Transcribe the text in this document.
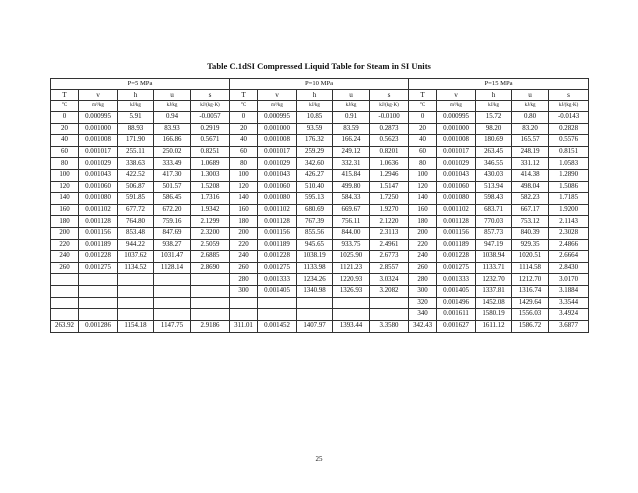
Table C.1dSI Compressed Liquid Table for Steam in SI Units
P=5 MPa					P=10 MPa					P=15 MPa				
T	v	h	u	s	T	v	h	u	s	T	v	h	u	s
°C	m³/kg	kJ/kg	kJ/kg	kJ/(kg·K)	°C	m³/kg	kJ/kg	kJ/kg	kJ/(kg·K)	°C	m³/kg	kJ/kg	kJ/kg	kJ/(kg·K)
0	0.000995	5.91	0.94	-0.0057	0	0.000995	10.85	0.91	-0.0100	0	0.000995	15.72	0.80	-0.0143
20	0.001000	88.93	83.93	0.2919	20	0.001000	93.59	83.59	0.2873	20	0.001000	98.20	83.20	0.2828
40	0.001008	171.90	166.86	0.5671	40	0.001008	176.32	166.24	0.5623	40	0.001008	180.69	165.57	0.5576
60	0.001017	255.11	250.02	0.8251	60	0.001017	259.29	249.12	0.8201	60	0.001017	263.45	248.19	0.8151
80	0.001029	338.63	333.49	1.0689	80	0.001029	342.60	332.31	1.0636	80	0.001029	346.55	331.12	1.0583
100	0.001043	422.52	417.30	1.3003	100	0.001043	426.27	415.84	1.2946	100	0.001043	430.03	414.38	1.2890
120	0.001060	506.87	501.57	1.5208	120	0.001060	510.40	499.80	1.5147	120	0.001060	513.94	498.04	1.5086
140	0.001080	591.85	586.45	1.7316	140	0.001080	595.13	584.33	1.7250	140	0.001080	598.43	582.23	1.7185
160	0.001102	677.72	672.20	1.9342	160	0.001102	680.69	669.67	1.9270	160	0.001102	683.71	667.17	1.9200
180	0.001128	764.80	759.16	2.1299	180	0.001128	767.39	756.11	2.1220	180	0.001128	770.03	753.12	2.1143
200	0.001156	853.48	847.69	2.3200	200	0.001156	855.56	844.00	2.3113	200	0.001156	857.73	840.39	2.3028
220	0.001189	944.22	938.27	2.5059	220	0.001189	945.65	933.75	2.4961	220	0.001189	947.19	929.35	2.4866
240	0.001228	1037.62	1031.47	2.6885	240	0.001228	1038.19	1025.90	2.6773	240	0.001228	1038.94	1020.51	2.6664
260	0.001275	1134.52	1128.14	2.8690	260	0.001275	1133.98	1121.23	2.8557	260	0.001275	1133.71	1114.58	2.8430
					280	0.001333	1234.26	1220.93	3.0324	280	0.001333	1232.70	1212.70	3.0170
					300	0.001405	1340.98	1326.93	3.2082	300	0.001405	1337.81	1316.74	3.1884
										320	0.001496	1452.08	1429.64	3.3544
										340	0.001611	1580.19	1556.03	3.4924
263.92	0.001286	1154.18	1147.75	2.9186	311.01	0.001452	1407.97	1393.44	3.3580	342.43	0.001627	1611.12	1586.72	3.6877
25
